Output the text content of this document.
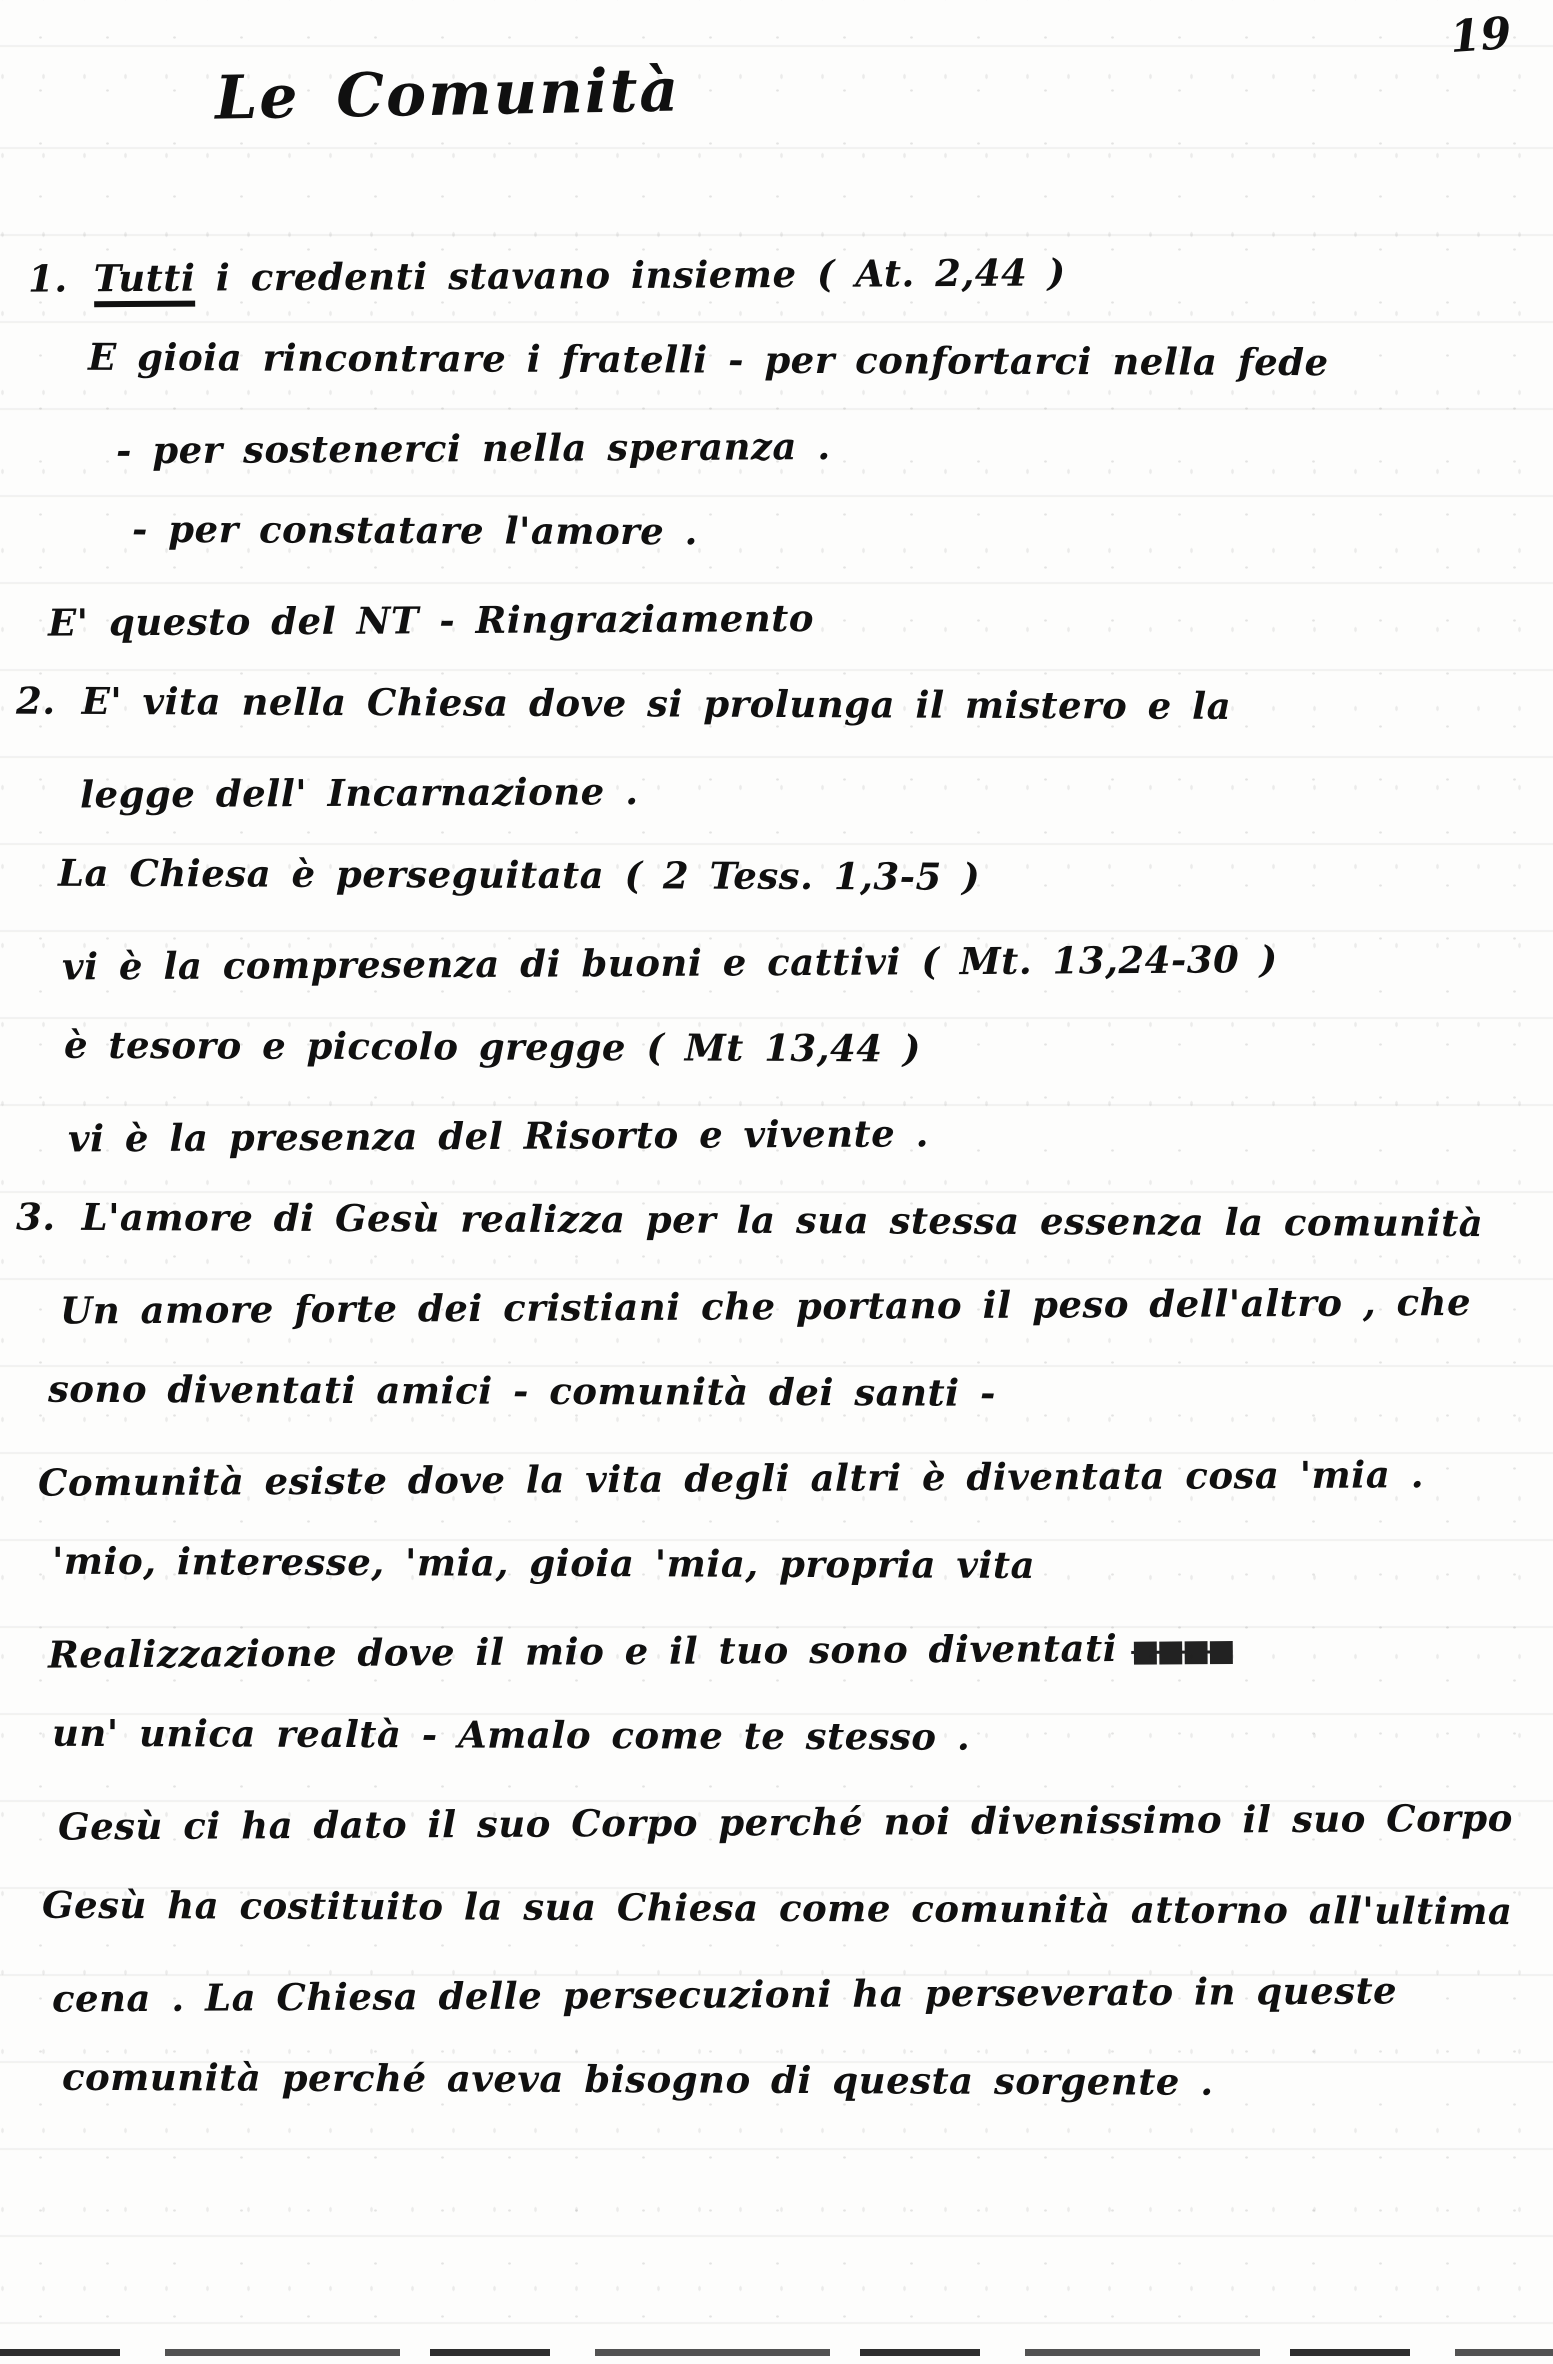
19
Le Comunità
1. Tutti i credenti stavano insieme ( At. 2,44 )
E gioia rincontrare i fratelli - per confortarci nella fede
- per sostenerci nella speranza .
- per constatare l'amore .
E' questo del NT - Ringraziamento
2. E' vita nella Chiesa dove si prolunga il mistero e la
legge dell' Incarnazione .
La Chiesa è perseguitata ( 2 Tess. 1,3-5 )
vi è la compresenza di buoni e cattivi ( Mt. 13,24-30 )
è tesoro e piccolo gregge ( Mt 13,44 )
vi è la presenza del Risorto e vivente .
3. L'amore di Gesù realizza per la sua stessa essenza la comunità
Un amore forte dei cristiani che portano il peso dell'altro , che
sono diventati amici - comunità dei santi -
Comunità esiste dove la vita degli altri è diventata cosa 'mia .
'mio, interesse, 'mia, gioia 'mia, propria vita
Realizzazione dove il mio e il tuo sono diventati ■■■■
un' unica realtà - Amalo come te stesso .
Gesù ci ha dato il suo Corpo perché noi divenissimo il suo Corpo
Gesù ha costituito la sua Chiesa come comunità attorno all'ultima
cena . La Chiesa delle persecuzioni ha perseverato in queste
comunità perché aveva bisogno di questa sorgente .
